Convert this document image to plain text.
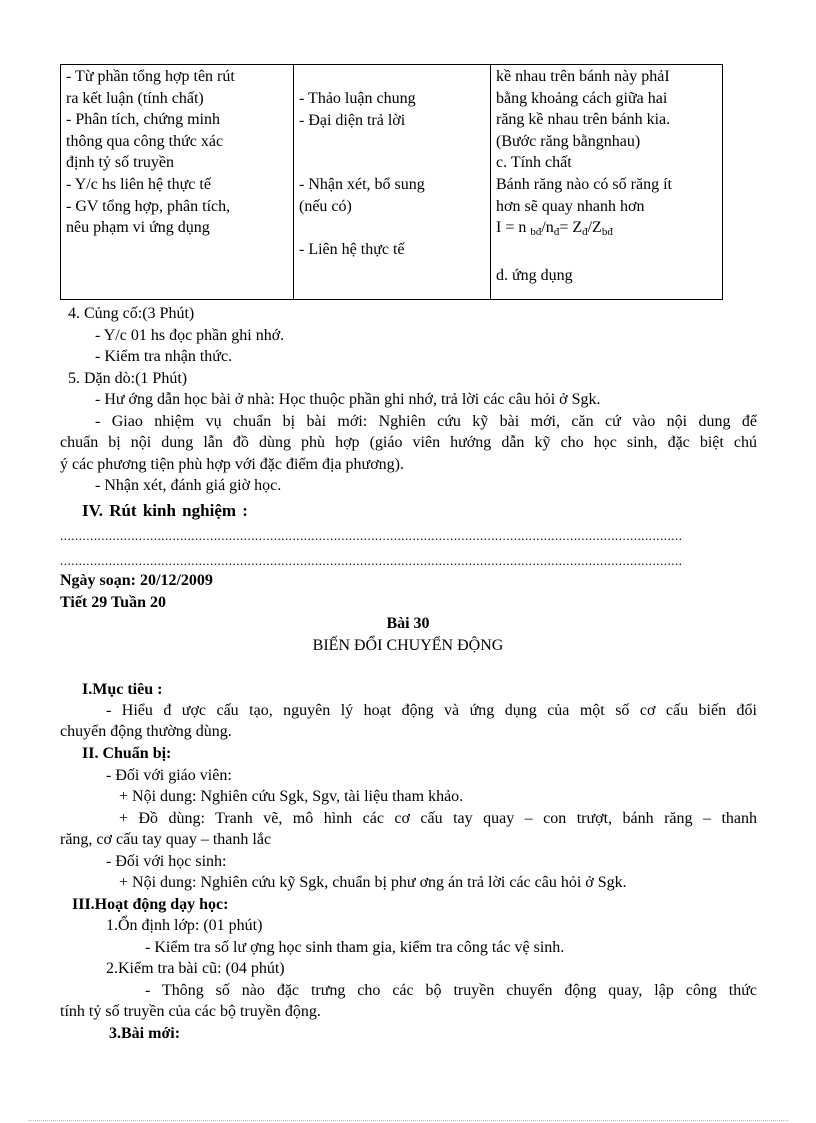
- Từ phần tổng hợp tên rút
ra kết luận (tính chất)
- Phân tích, chứng minh
thông qua công thức xác
định tỷ số truyền
- Y/c hs liên hệ thực tế
- GV tổng hợp, phân tích,
nêu phạm vi ứng dụng
- Thảo luận chung
- Đại diện trả lời
- Nhận xét, bổ sung
(nếu có)
- Liên hệ thực tế
kề nhau trên bánh này phảI
bằng khoảng cách giữa hai
răng kề nhau trên bánh kia.
(Bước răng bằngnhau)
c. Tính chất
Bánh răng nào có số răng ít
hơn sẽ quay nhanh hơn
I = n $_{bđ}/n_đ= Z_đ/Z_{bđ}$
d. ứng dụng
4. Củng cố:(3 Phút)
- Y/c 01 hs đọc phần ghi nhớ.
- Kiểm tra nhận thức.
5. Dặn dò:(1 Phút)
- Hư ớng dẫn học bài ở nhà: Học thuộc phần ghi nhớ, trả lời các câu hỏi ở Sgk.
- Giao nhiệm vụ chuẩn bị bài mới: Nghiên cứu kỹ bài mới, căn cứ vào nội dung để
chuẩn bị nội dung lẫn đồ dùng phù hợp (giáo viên hướng dẫn kỹ cho học sinh, đặc biệt chú
ý các phương tiện phù hợp với đặc điểm địa phương).
- Nhận xét, đánh giá giờ học.
IV. Rút kinh nghiệm :
......................................................................................................................................................................
......................................................................................................................................................................
Ngày soạn: 20/12/2009
Tiết 29 Tuần 20
Bài 30
BIẾN ĐỔI CHUYỂN ĐỘNG
I.Mục tiêu :
- Hiểu đ ược cấu tạo, nguyên lý hoạt động và ứng dụng của một số cơ cấu biến đổi
chuyển động thường dùng.
II. Chuẩn bị:
- Đối với giáo viên:
+ Nội dung: Nghiên cứu Sgk, Sgv, tài liệu tham khảo.
+ Đồ dùng: Tranh vẽ, mô hình các cơ cấu tay quay – con trượt, bánh răng – thanh
răng, cơ cấu tay quay – thanh lắc
- Đối với học sinh:
+ Nội dung: Nghiên cứu kỹ Sgk, chuẩn bị phư ơng án trả lời các câu hỏi ở Sgk.
III.Hoạt động dạy học:
1.Ổn định lớp: (01 phút)
- Kiểm tra số lư ợng học sinh tham gia, kiểm tra công tác vệ sinh.
2.Kiểm tra bài cũ: (04 phút)
- Thông số nào đặc trưng cho các bộ truyền chuyển động quay, lập công thức
tính tỷ số truyền của các bộ truyền động.
3.Bài mới:
